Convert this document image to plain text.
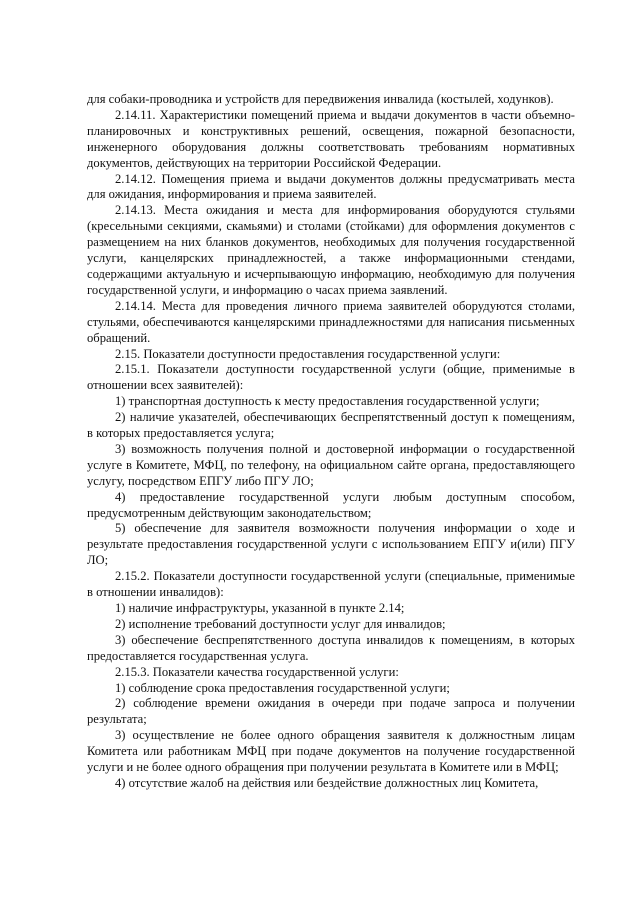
для собаки-проводника и устройств для передвижения инвалида (костылей, ходунков).

2.14.11. Характеристики помещений приема и выдачи документов в части объемно-планировочных и конструктивных решений, освещения, пожарной безопасности, инженерного оборудования должны соответствовать требованиям нормативных документов, действующих на территории Российской Федерации.

2.14.12. Помещения приема и выдачи документов должны предусматривать места для ожидания, информирования и приема заявителей.

2.14.13. Места ожидания и места для информирования оборудуются стульями (кресельными секциями, скамьями) и столами (стойками) для оформления документов с размещением на них бланков документов, необходимых для получения государственной услуги, канцелярских принадлежностей, а также информационными стендами, содержащими актуальную и исчерпывающую информацию, необходимую для получения государственной услуги, и информацию о часах приема заявлений.

2.14.14. Места для проведения личного приема заявителей оборудуются столами, стульями, обеспечиваются канцелярскими принадлежностями для написания письменных обращений.

2.15. Показатели доступности предоставления государственной услуги:

2.15.1. Показатели доступности государственной услуги (общие, применимые в отношении всех заявителей):

1) транспортная доступность к месту предоставления государственной услуги;

2) наличие указателей, обеспечивающих беспрепятственный доступ к помещениям, в которых предоставляется услуга;

3) возможность получения полной и достоверной информации о государственной услуге в Комитете, МФЦ, по телефону, на официальном сайте органа, предоставляющего услугу, посредством ЕПГУ либо ПГУ ЛО;

4) предоставление государственной услуги любым доступным способом, предусмотренным действующим законодательством;

5) обеспечение для заявителя возможности получения информации о ходе и результате предоставления государственной услуги с использованием ЕПГУ и(или) ПГУ ЛО;

2.15.2. Показатели доступности государственной услуги (специальные, применимые в отношении инвалидов):

1) наличие инфраструктуры, указанной в пункте 2.14;

2) исполнение требований доступности услуг для инвалидов;

3) обеспечение беспрепятственного доступа инвалидов к помещениям, в которых предоставляется государственная услуга.

2.15.3. Показатели качества государственной услуги:

1) соблюдение срока предоставления государственной услуги;

2) соблюдение времени ожидания в очереди при подаче запроса и получении результата;

3) осуществление не более одного обращения заявителя к должностным лицам Комитета или работникам МФЦ при подаче документов на получение государственной услуги и не более одного обращения при получении результата в Комитете или в МФЦ;

4) отсутствие жалоб на действия или бездействие должностных лиц Комитета,
